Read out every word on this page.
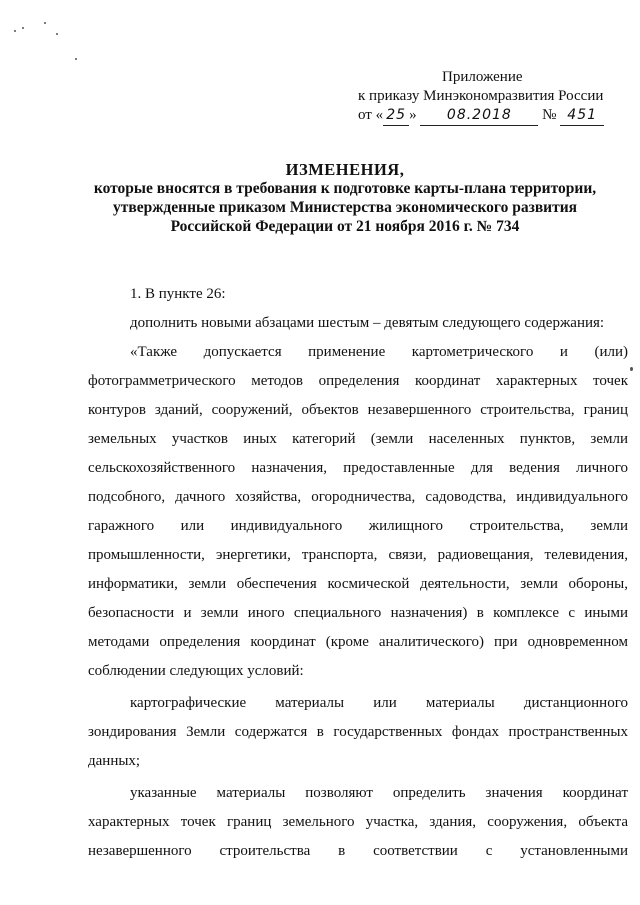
Приложение
к приказу Минэкономразвития России
от « 25 » 08.2018 № 451
ИЗМЕНЕНИЯ,
которые вносятся в требования к подготовке карты-плана территории,
утвержденные приказом Министерства экономического развития
Российской Федерации от 21 ноября 2016 г. № 734
1. В пункте 26:
дополнить новыми абзацами шестым – девятым следующего содержания:
«Также допускается применение картометрического и (или)
фотограмметрического методов определения координат характерных точек
контуров зданий, сооружений, объектов незавершенного строительства, границ
земельных участков иных категорий (земли населенных пунктов, земли
сельскохозяйственного назначения, предоставленные для ведения личного
подсобного, дачного хозяйства, огородничества, садоводства, индивидуального
гаражного или индивидуального жилищного строительства, земли
промышленности, энергетики, транспорта, связи, радиовещания, телевидения,
информатики, земли обеспечения космической деятельности, земли обороны,
безопасности и земли иного специального назначения) в комплексе с иными
методами определения координат (кроме аналитического) при одновременном
соблюдении следующих условий:
картографические материалы или материалы дистанционного
зондирования Земли содержатся в государственных фондах пространственных
данных;
указанные материалы позволяют определить значения координат
характерных точек границ земельного участка, здания, сооружения, объекта
незавершенного строительства в соответствии с установленными
